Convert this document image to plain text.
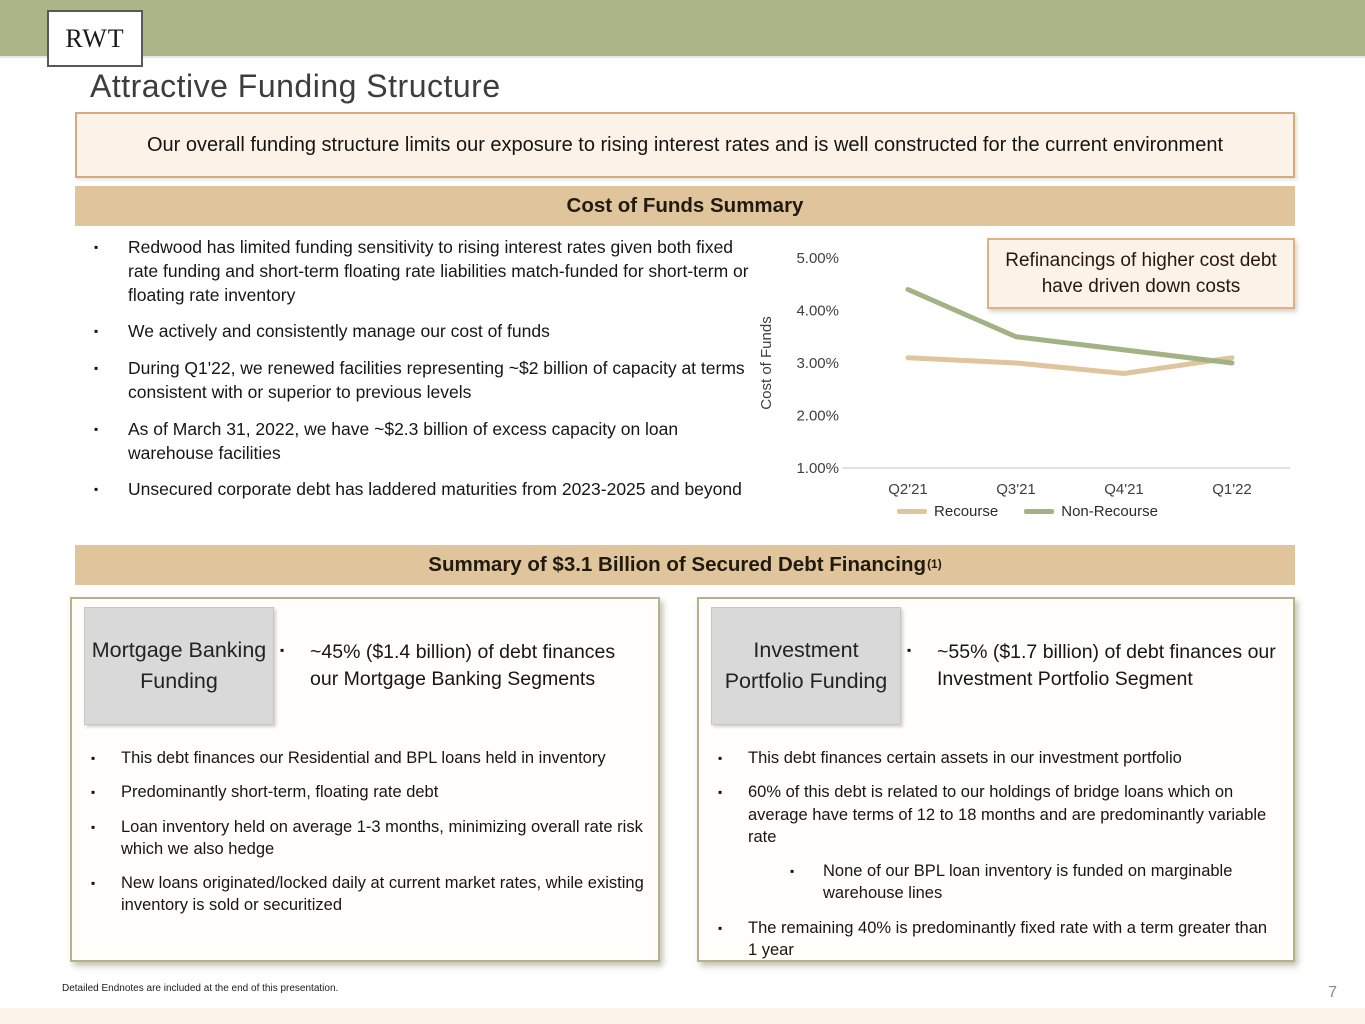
RWT
Attractive Funding Structure

Our overall funding structure limits our exposure to rising interest rates and is well constructed for the current environment

Cost of Funds Summary
▪	Redwood has limited funding sensitivity to rising interest rates given both fixed rate funding and short-term floating rate liabilities match-funded for short-term or floating rate inventory
▪	We actively and consistently manage our cost of funds
▪	During Q1'22, we renewed facilities representing ~$2 billion of capacity at terms consistent with or superior to previous levels
▪	As of March 31, 2022, we have ~$2.3 billion of excess capacity on loan warehouse facilities
▪	Unsecured corporate debt has laddered maturities from 2023-2025 and beyond
5.00%
4.00%
3.00%
2.00%
1.00%
Q2'21	Q3'21	Q4'21	Q1'22
Cost of Funds
Recourse	Non-Recourse
Refinancings of higher cost debt have driven down costs
Summary of $3.1 Billion of Secured Debt Financing (1)
Mortgage Banking Funding
▪	~45% ($1.4 billion) of debt finances our Mortgage Banking Segments
▪	This debt finances our Residential and BPL loans held in inventory
▪	Predominantly short-term, floating rate debt
▪	Loan inventory held on average 1-3 months, minimizing overall rate risk which we also hedge
▪	New loans originated/locked daily at current market rates, while existing inventory is sold or securitized
Investment Portfolio Funding
▪	~55% ($1.7 billion) of debt finances our Investment Portfolio Segment
▪	This debt finances certain assets in our investment portfolio
▪	60% of this debt is related to our holdings of bridge loans which on average have terms of 12 to 18 months and are predominantly variable rate
▪	None of our BPL loan inventory is funded on marginable warehouse lines
▪	The remaining 40% is predominantly fixed rate with a term greater than 1 year
Detailed Endnotes are included at the end of this presentation.	7
